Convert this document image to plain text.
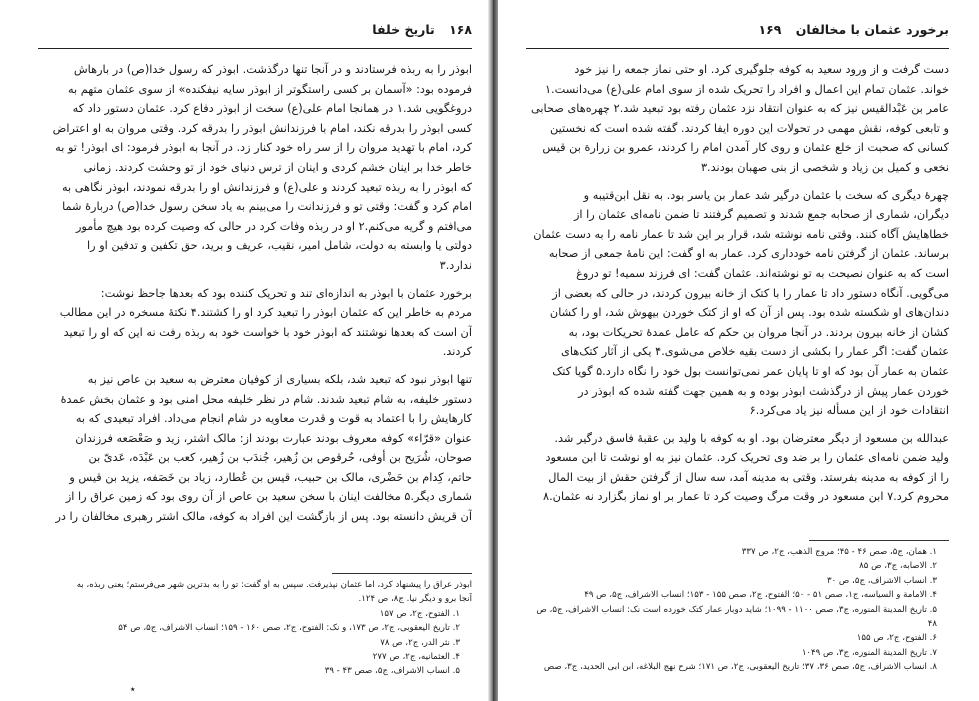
۱۶۸ تاریخ خلفا
ابوذر را به ربذه فرستادند و در آنجا تنها درگذشت. ابوذر که رسول خدا(ص) در بارهاش
فرموده بود: «آسمان بر کسی راستگوتر از ابوذر سایه نیفکنده» از سوی عثمان متهم به
دروغگویی شد.۱ در همانجا امام علی(ع) سخت از ابوذر دفاع کرد. عثمان دستور داد که
کسی ابوذر را بدرقه نکند، امام با فرزندانش ابوذر را بدرقه کرد. وقتی مروان به او اعتراض
کرد، امام با تهدید مروان را از سر راه خود کنار زد. در آنجا به ابوذر فرمود: ای ابوذر! تو به
خاطر خدا بر اینان خشم کردی و اینان از ترس دنیای خود از تو وحشت کردند. زمانی
که ابوذر را به ربذه تبعید کردند و علی(ع) و فرزندانش او را بدرقه نمودند، ابوذر نگاهی به
امام کرد و گفت: وقتی تو و فرزندانت را می‌بینم به یاد سخن رسول خدا(ص) دربارهٔ شما
می‌افتم و گریه می‌کنم.۲ او در ربذه وفات کرد در حالی که وصیت کرده بود هیچ مأمور
دولتی یا وابسته به دولت، شامل امیر، نقیب، عریف و برید، حق تکفین و تدفین او را
ندارد.۳
برخورد عثمان با ابوذر به اندازه‌ای تند و تحریک کننده بود که بعدها جاحظ نوشت:
مردم به خاطر این که عثمان ابوذر را تبعید کرد او را کشتند.۴ نکتهٔ مسخره در این مطالب
آن است که بعدها نوشتند که ابوذر خود با خواست خود به ربذه رفت نه این که او را تبعید
کردند.
تنها ابوذر نبود که تبعید شد، بلکه بسیاری از کوفیان معترض به سعید بن عاص نیز به
دستور خلیفه، به شام تبعید شدند. شام در نظر خلیفه محل امنی بود و عثمان بخش عمدهٔ
کارهایش را با اعتماد به قوت و قدرت معاویه در شام انجام می‌داد. افراد تبعیدی که به
عنوان «قرّاء» کوفه معروف بودند عبارت بودند از: مالک اشتر، زید و صَعْصَعه فرزندان
صوحان، شُرَیح بن أوفی، حُرقوص بن زُهیر، جُندَب بن زُهیر، کعب بن عَبْدَه، عَدیّ بن
حاتم، کِدام بن حَضْری، مالک بن حبیب، قیس بن عُطارد، زیاد بن خَصَفه، یزید بن قیس و
شماری دیگر.۵ مخالفت اینان با سخن سعید بن عاص از آن روی بود که زمین عراق را از
آن قریش دانسته بود. پس از بازگشت این افراد به کوفه، مالک اشتر رهبری مخالفان را در
ابوذر عراق را پیشنهاد کرد، اما عثمان نپذیرفت. سپس به او گفت: تو را به بدترین شهر می‌فرستم؛ یعنی ربذه، به
آنجا برو و دیگر نیا. ج۸، ص ۱۲۴.
۱. الفتوح، ج۲، ص ۱۵۷
۲. تاریخ الیعقوبی، ج۲، ص ۱۷۳، و نک: الفتوح، ج۲، صص ۱۶۰ - ۱۵۹؛ انساب الاشراف، ج۵، ص ۵۴
۳. نثر الدر، ج۲، ص ۷۸
۴. العثمانیه، ج۲، ص ۲۷۷
۵. انساب الاشراف، ج۵، صص ۴۳ - ۳۹
٭
برخورد عثمان با مخالفان ۱۶۹
دست گرفت و از ورود سعید به کوفه جلوگیری کرد. او حتی نماز جمعه را نیز خود
خواند. عثمان تمام این اعمال و افراد را تحریک شده از سوی امام علی(ع) می‌دانست.۱
عامر بن عَبْدالقیس نیز که به عنوان انتقاد نزد عثمان رفته بود تبعید شد.۲ چهره‌های صحابی
و تابعی کوفه، نقش مهمی در تحولات این دوره ایفا کردند. گفته شده است که نخستین
کسانی که صحبت از خلع عثمان و روی کار آمدن امام را کردند، عمرو بن زرارة بن قیس
نخعی و کمیل بن زیاد و شخصی از بنی صهبان بودند.۳
چهرهٔ دیگری که سخت با عثمان درگیر شد عمار بن یاسر بود. به نقل ابن‌قتیبه و
دیگران، شماری از صحابه جمع شدند و تصمیم گرفتند تا ضمن نامه‌ای عثمان را از
خطاهایش آگاه کنند. وقتی نامه نوشته شد، قرار بر این شد تا عمار نامه را به دست عثمان
برساند. عثمان از گرفتن نامه خودداری کرد. عمار به او گفت: این نامهٔ جمعی از صحابه
است که به عنوان نصیحت به تو نوشته‌اند. عثمان گفت: ای فرزند سمیه! تو دروغ
می‌گویی. آنگاه دستور داد تا عمار را با کتک از خانه بیرون کردند، در حالی که بعضی از
دندان‌های او شکسته شده بود. پس از آن که او از کتک خوردن بیهوش شد، او را کشان
کشان از خانه بیرون بردند. در آنجا مروان بن حکم که عامل عمدهٔ تحریکات بود، به
عثمان گفت: اگر عمار را بکشی از دست بقیه خلاص می‌شوی.۴ یکی از آثار کتک‌های
عثمان به عمار آن بود که او تا پایان عمر نمی‌توانست بول خود را نگاه دارد.۵ گویا کتک
خوردن عمار پیش از درگذشت ابوذر بوده و به همین جهت گفته شده که ابوذر در
انتقادات خود از این مسأله نیز یاد می‌کرد.۶
عبدالله بن مسعود از دیگر معترضان بود. او به کوفه با ولید بن عقبهٔ فاسق درگیر شد.
ولید ضمن نامه‌ای عثمان را بر ضد وی تحریک کرد. عثمان نیز به او نوشت تا ابن مسعود
را از کوفه به مدینه بفرستد. وقتی به مدینه آمد، سه سال از گرفتن حقش از بیت المال
محروم کرد.۷ ابن مسعود در وقت مرگ وصیت کرد تا عمار بر او نماز بگزارد نه عثمان.۸
۱. همان، ج۵، صص ۴۶ - ۴۵؛ مروج الذهب، ج۲، ص ۳۳۷
۲. الاصابه، ج۳، ص ۸۵
۳. انساب الاشراف، ج۵، ص ۳۰
۴. الامامة و السیاسه، ج۱، صص ۵۱ - ۵۰؛ الفتوح، ج۲، صص ۱۵۵ - ۱۵۳؛ انساب الاشراف، ج۵، ص ۴۹
۵. تاریخ المدینة المنوره، ج۳، صص ۱۱۰۰ - ۱۰۹۹؛ شاید دوبار عمار کتک خورده است نک: انساب الاشراف، ج۵، ص
۴۸
۶. الفتوح، ج۲، ص ۱۵۵
۷. تاریخ المدینة المنوره، ج۳، ص ۱۰۴۹
۸. انساب الاشراف، ج۵، صص ۳۶، ۳۷؛ تاریخ الیعقوبی، ج۲، ص ۱۷۱؛ شرح نهج البلاغه، ابن ابی الحدید، ج۳، صص
